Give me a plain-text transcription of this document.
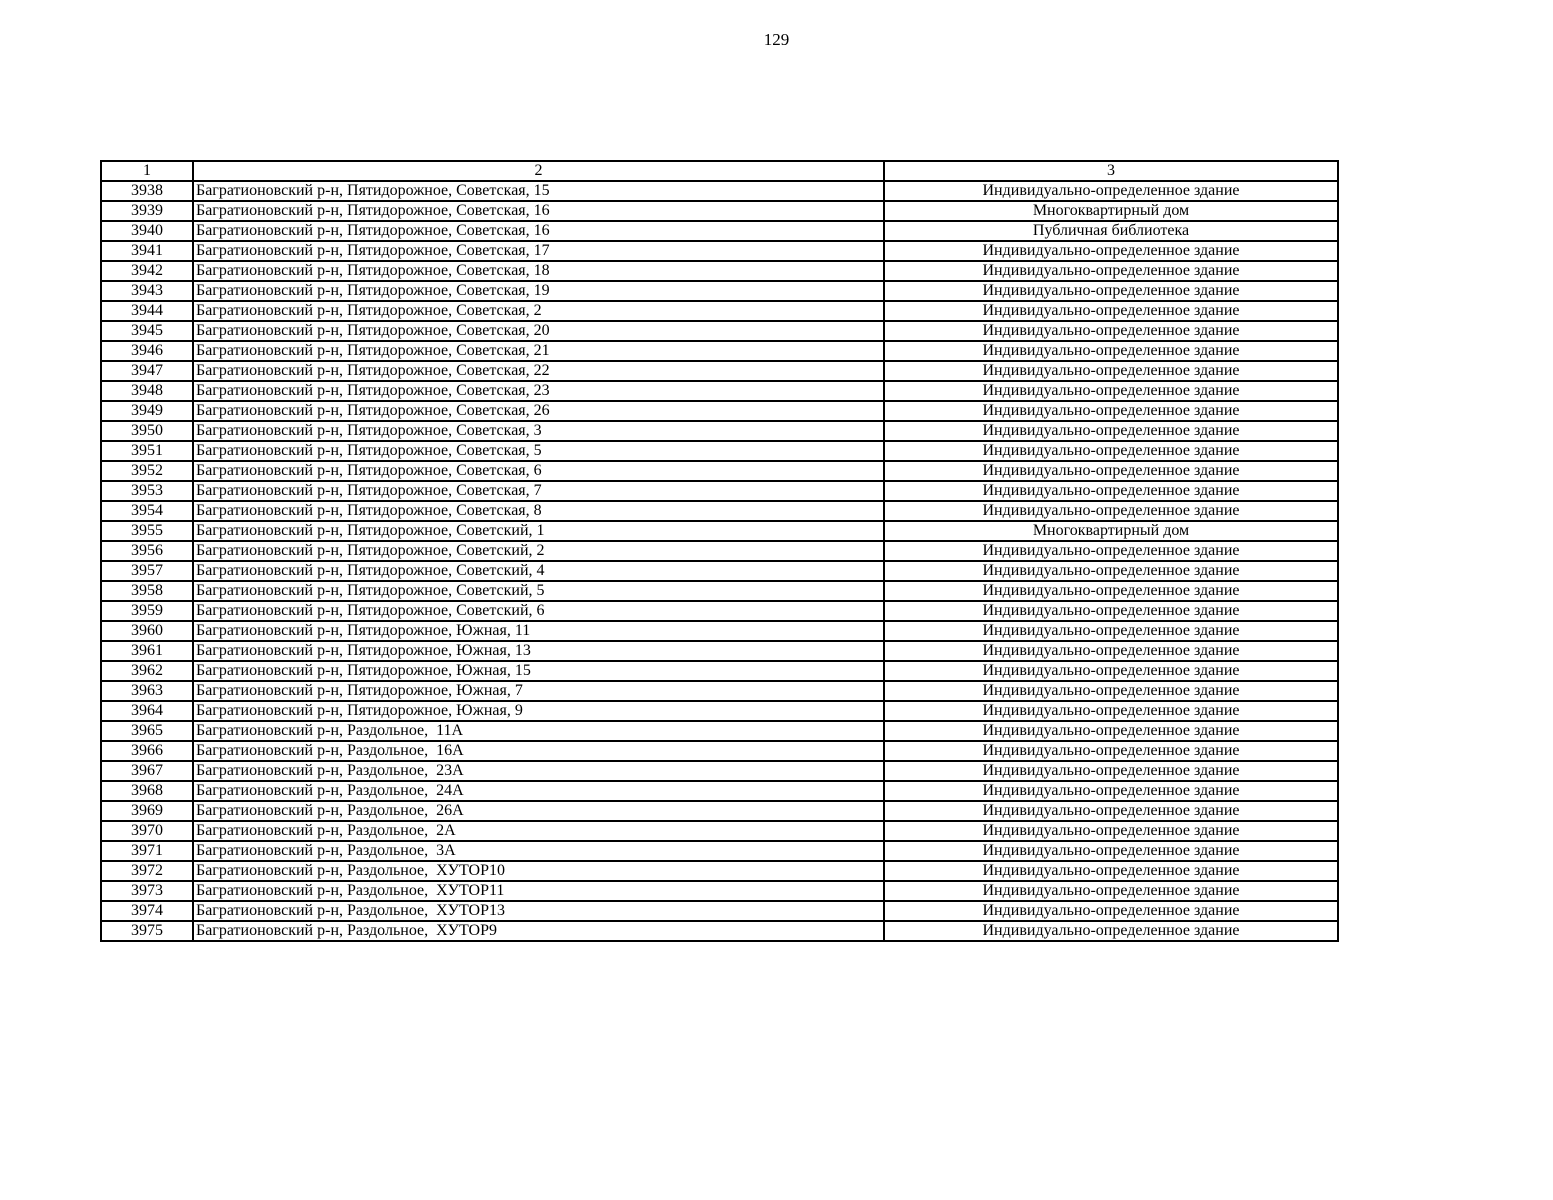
129
1	2	3
3938	Багратионовский р-н, Пятидорожное, Советская, 15	Индивидуально-определенное здание
3939	Багратионовский р-н, Пятидорожное, Советская, 16	Многоквартирный дом
3940	Багратионовский р-н, Пятидорожное, Советская, 16	Публичная библиотека
3941	Багратионовский р-н, Пятидорожное, Советская, 17	Индивидуально-определенное здание
3942	Багратионовский р-н, Пятидорожное, Советская, 18	Индивидуально-определенное здание
3943	Багратионовский р-н, Пятидорожное, Советская, 19	Индивидуально-определенное здание
3944	Багратионовский р-н, Пятидорожное, Советская, 2	Индивидуально-определенное здание
3945	Багратионовский р-н, Пятидорожное, Советская, 20	Индивидуально-определенное здание
3946	Багратионовский р-н, Пятидорожное, Советская, 21	Индивидуально-определенное здание
3947	Багратионовский р-н, Пятидорожное, Советская, 22	Индивидуально-определенное здание
3948	Багратионовский р-н, Пятидорожное, Советская, 23	Индивидуально-определенное здание
3949	Багратионовский р-н, Пятидорожное, Советская, 26	Индивидуально-определенное здание
3950	Багратионовский р-н, Пятидорожное, Советская, 3	Индивидуально-определенное здание
3951	Багратионовский р-н, Пятидорожное, Советская, 5	Индивидуально-определенное здание
3952	Багратионовский р-н, Пятидорожное, Советская, 6	Индивидуально-определенное здание
3953	Багратионовский р-н, Пятидорожное, Советская, 7	Индивидуально-определенное здание
3954	Багратионовский р-н, Пятидорожное, Советская, 8	Индивидуально-определенное здание
3955	Багратионовский р-н, Пятидорожное, Советский, 1	Многоквартирный дом
3956	Багратионовский р-н, Пятидорожное, Советский, 2	Индивидуально-определенное здание
3957	Багратионовский р-н, Пятидорожное, Советский, 4	Индивидуально-определенное здание
3958	Багратионовский р-н, Пятидорожное, Советский, 5	Индивидуально-определенное здание
3959	Багратионовский р-н, Пятидорожное, Советский, 6	Индивидуально-определенное здание
3960	Багратионовский р-н, Пятидорожное, Южная, 11	Индивидуально-определенное здание
3961	Багратионовский р-н, Пятидорожное, Южная, 13	Индивидуально-определенное здание
3962	Багратионовский р-н, Пятидорожное, Южная, 15	Индивидуально-определенное здание
3963	Багратионовский р-н, Пятидорожное, Южная, 7	Индивидуально-определенное здание
3964	Багратионовский р-н, Пятидорожное, Южная, 9	Индивидуально-определенное здание
3965	Багратионовский р-н, Раздольное,  11А	Индивидуально-определенное здание
3966	Багратионовский р-н, Раздольное,  16А	Индивидуально-определенное здание
3967	Багратионовский р-н, Раздольное,  23А	Индивидуально-определенное здание
3968	Багратионовский р-н, Раздольное,  24А	Индивидуально-определенное здание
3969	Багратионовский р-н, Раздольное,  26А	Индивидуально-определенное здание
3970	Багратионовский р-н, Раздольное,  2А	Индивидуально-определенное здание
3971	Багратионовский р-н, Раздольное,  3А	Индивидуально-определенное здание
3972	Багратионовский р-н, Раздольное,  ХУТОР10	Индивидуально-определенное здание
3973	Багратионовский р-н, Раздольное,  ХУТОР11	Индивидуально-определенное здание
3974	Багратионовский р-н, Раздольное,  ХУТОР13	Индивидуально-определенное здание
3975	Багратионовский р-н, Раздольное,  ХУТОР9	Индивидуально-определенное здание
